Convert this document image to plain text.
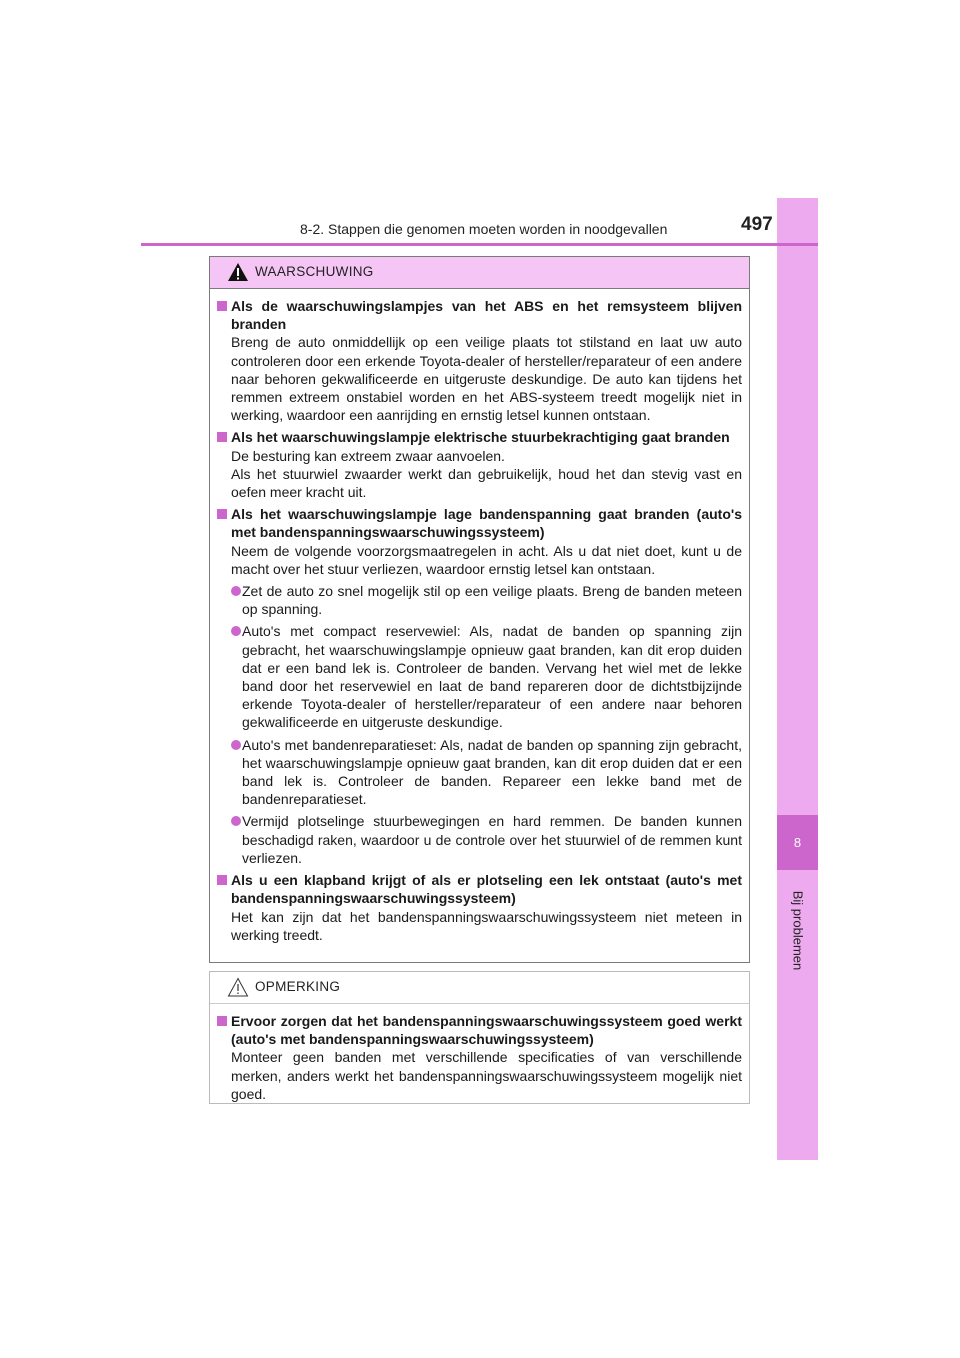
8
Bij problemen
8-2. Stappen die genomen moeten worden in noodgevallen	497
WAARSCHUWING
Als de waarschuwingslampjes van het ABS en het remsysteem blijven branden
Breng de auto onmiddellijk op een veilige plaats tot stilstand en laat uw auto controleren door een erkende Toyota-dealer of hersteller/reparateur of een andere naar behoren gekwalificeerde en uitgeruste deskundige. De auto kan tijdens het remmen extreem onstabiel worden en het ABS-systeem treedt mogelijk niet in werking, waardoor een aanrijding en ernstig letsel kunnen ontstaan.
Als het waarschuwingslampje elektrische stuurbekrachtiging gaat branden
De besturing kan extreem zwaar aanvoelen.
Als het stuurwiel zwaarder werkt dan gebruikelijk, houd het dan stevig vast en oefen meer kracht uit.
Als het waarschuwingslampje lage bandenspanning gaat branden (auto's met bandenspanningswaarschuwingssysteem)
Neem de volgende voorzorgsmaatregelen in acht. Als u dat niet doet, kunt u de macht over het stuur verliezen, waardoor ernstig letsel kan ontstaan.
Zet de auto zo snel mogelijk stil op een veilige plaats. Breng de banden meteen op spanning.
Auto's met compact reservewiel: Als, nadat de banden op spanning zijn gebracht, het waarschuwingslampje opnieuw gaat branden, kan dit erop duiden dat er een band lek is. Controleer de banden. Vervang het wiel met de lekke band door het reservewiel en laat de band repareren door de dichtstbijzijnde erkende Toyota-dealer of hersteller/reparateur of een andere naar behoren gekwalificeerde en uitgeruste deskundige.
Auto's met bandenreparatieset: Als, nadat de banden op spanning zijn gebracht, het waarschuwingslampje opnieuw gaat branden, kan dit erop duiden dat er een band lek is. Controleer de banden. Repareer een lekke band met de bandenreparatieset.
Vermijd plotselinge stuurbewegingen en hard remmen. De banden kunnen beschadigd raken, waardoor u de controle over het stuurwiel of de remmen kunt verliezen.
Als u een klapband krijgt of als er plotseling een lek ontstaat (auto's met bandenspanningswaarschuwingssysteem)
Het kan zijn dat het bandenspanningswaarschuwingssysteem niet meteen in werking treedt.
OPMERKING
Ervoor zorgen dat het bandenspanningswaarschuwingssysteem goed werkt (auto's met bandenspanningswaarschuwingssysteem)
Monteer geen banden met verschillende specificaties of van verschillende merken, anders werkt het bandenspanningswaarschuwingssysteem mogelijk niet goed.
